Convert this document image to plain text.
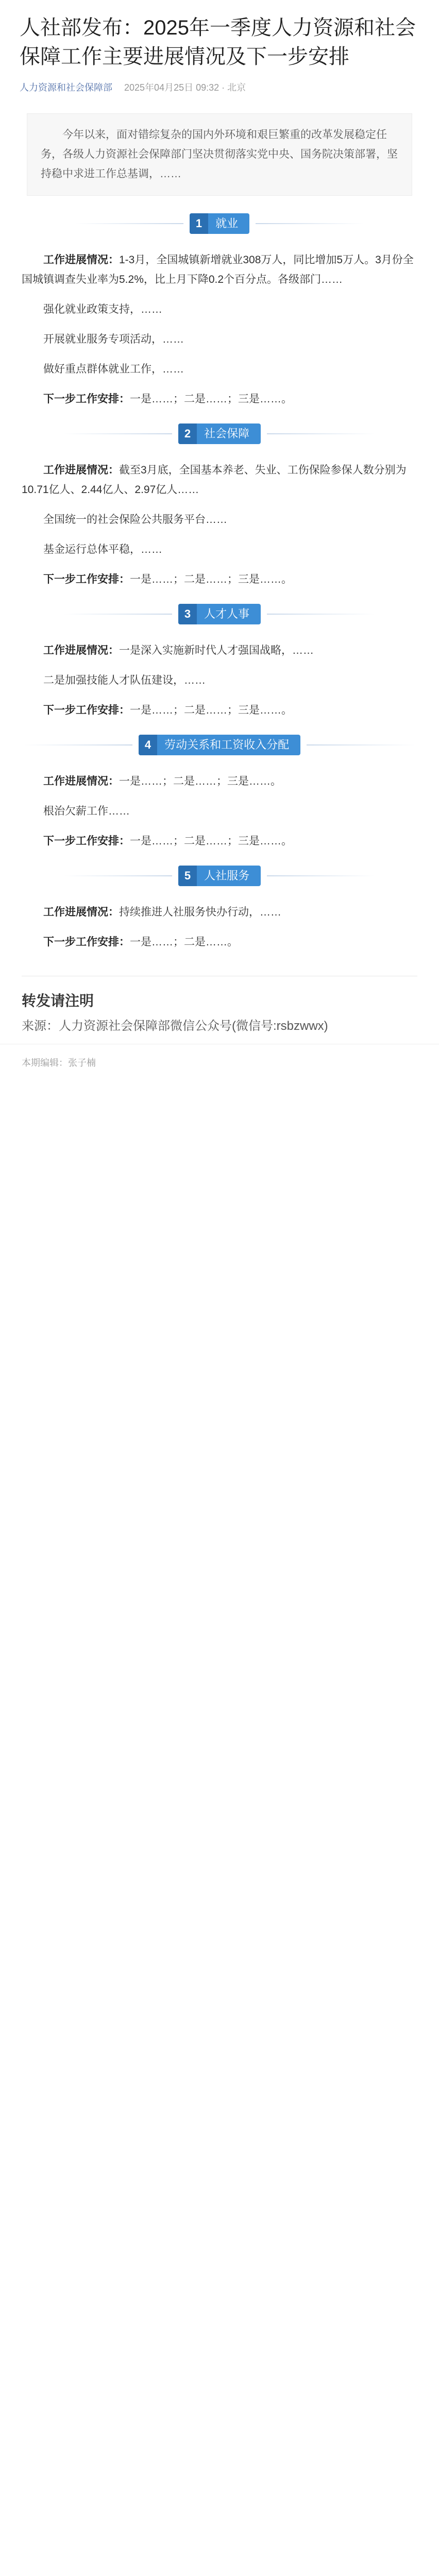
人社部发布：2025年一季度人力资源和社会保障工作主要进展情况及下一步安排
人力资源和社会保障部 2025年04月25日 09:32 · 北京
今年以来，面对错综复杂的国内外环境和艰巨繁重的改革发展稳定任务，各级人力资源社会保障部门坚决贯彻落实党中央、国务院决策部署，坚持稳中求进工作总基调，……
1	就业

工作进展情况：1-3月，全国城镇新增就业308万人，同比增加5万人。3月份全国城镇调查失业率为5.2%，比上月下降0.2个百分点。各级部门……

强化就业政策支持，……

开展就业服务专项活动，……

做好重点群体就业工作，……

下一步工作安排：一是……；二是……；三是……。

2	社会保障

工作进展情况：截至3月底，全国基本养老、失业、工伤保险参保人数分别为10.71亿人、2.44亿人、2.97亿人……

全国统一的社会保险公共服务平台……

基金运行总体平稳，……

下一步工作安排：一是……；二是……；三是……。

3	人才人事

工作进展情况：一是深入实施新时代人才强国战略，……

二是加强技能人才队伍建设，……

下一步工作安排：一是……；二是……；三是……。

4	劳动关系和工资收入分配

工作进展情况：一是……；二是……；三是……。

根治欠薪工作……

下一步工作安排：一是……；二是……；三是……。

5	人社服务

工作进展情况：持续推进人社服务快办行动，……

下一步工作安排：一是……；二是……。

转发请注明
来源：人力资源社会保障部微信公众号(微信号:rsbzwwx)
本期编辑：张子楠
